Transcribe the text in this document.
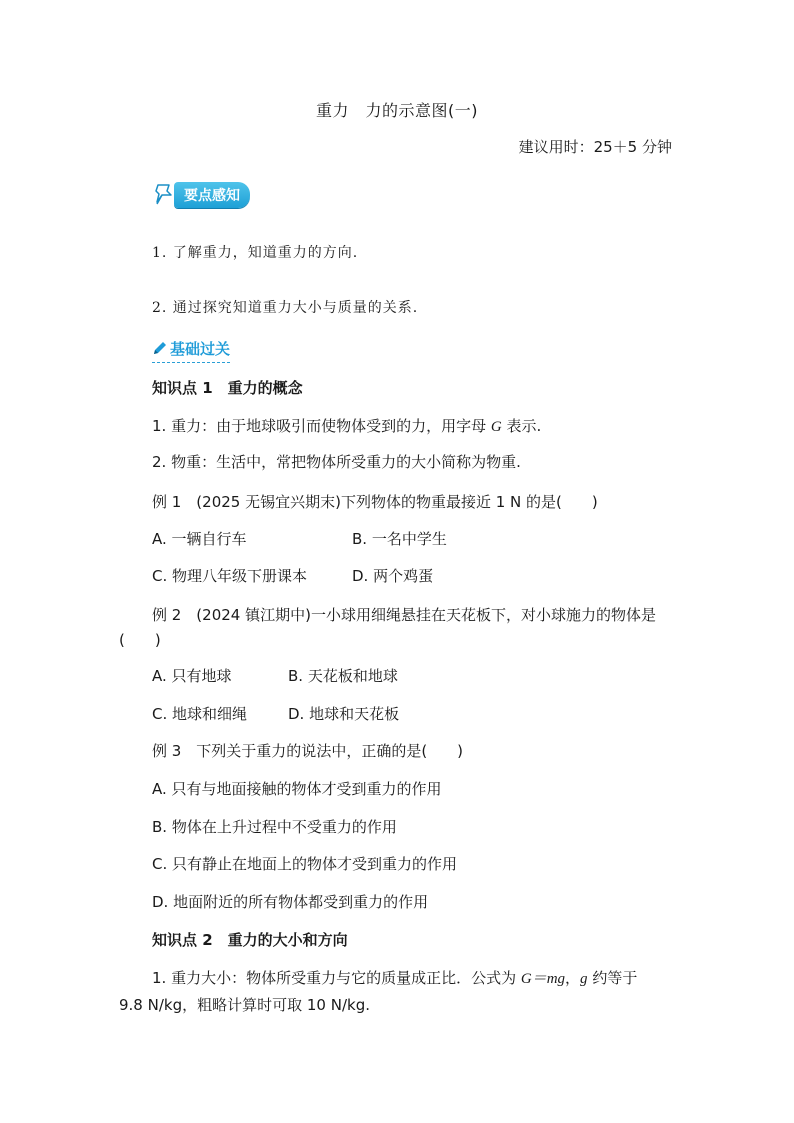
重力　力的示意图(一)
建议用时：25＋5 分钟
要点感知
1. 了解重力，知道重力的方向.
2. 通过探究知道重力大小与质量的关系.
基础过关
知识点 1　重力的概念
1. 重力：由于地球吸引而使物体受到的力，用字母 G 表示.
2. 物重：生活中，常把物体所受重力的大小简称为物重.
例 1　(2025 无锡宜兴期末)下列物体的物重最接近 1 N 的是(　　)
A. 一辆自行车	B. 一名中学生
C. 物理八年级下册课本	D. 两个鸡蛋
例 2　(2024 镇江期中)一小球用细绳悬挂在天花板下，对小球施力的物体是
(　　)
A. 只有地球	B. 天花板和地球
C. 地球和细绳	D. 地球和天花板
例 3　下列关于重力的说法中，正确的是(　　)
A. 只有与地面接触的物体才受到重力的作用
B. 物体在上升过程中不受重力的作用
C. 只有静止在地面上的物体才受到重力的作用
D. 地面附近的所有物体都受到重力的作用
知识点 2　重力的大小和方向
1. 重力大小：物体所受重力与它的质量成正比．公式为 G＝mg，g 约等于
9.8 N/kg，粗略计算时可取 10 N/kg.
